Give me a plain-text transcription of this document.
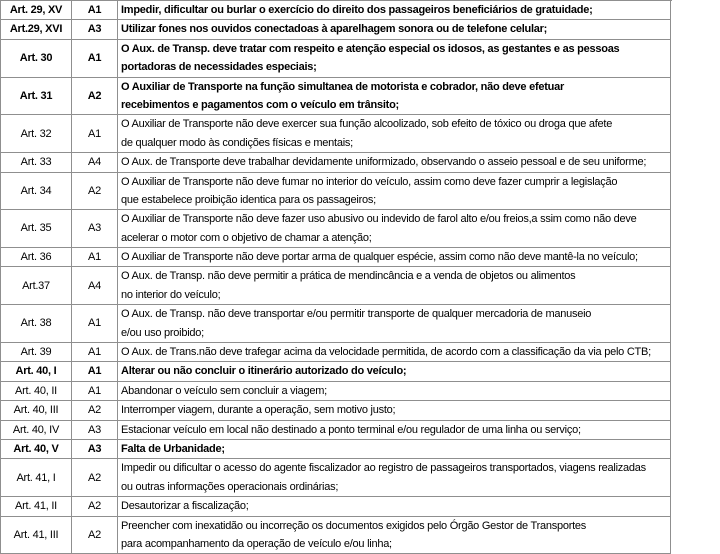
Art. 29, XV A1 Impedir, dificultar ou burlar o exercício do direito dos passageiros beneficiários de gratuidade;
Art.29, XVI A3 Utilizar fones nos ouvidos conectadoas à aparelhagem sonora ou de telefone celular;
Art. 30	A1
O Aux. de Transp. deve tratar com respeito e atenção especial os idosos, as gestantes e as pessoas
portadoras de necessidades especiais;
Art. 31	A2
O Auxiliar de Transporte na função simultanea de motorista e cobrador, não deve efetuar
recebimentos e pagamentos com o veículo em trânsito;
Art. 32	A1
O Auxiliar de Transporte não deve exercer sua função alcoolizado, sob efeito de tóxico ou droga que afete
de qualquer modo às condições físicas e mentais;
Art. 33	A4 O Aux. de Transporte deve trabalhar devidamente uniformizado, observando o asseio pessoal e de seu uniforme;
Art. 34	A2
O Auxiliar de Transporte não deve fumar no interior do veículo, assim como deve fazer cumprir a legislação
que estabelece proibição identica para os passageiros;
Art. 35	A3
O Auxiliar de Transporte não deve fazer uso abusivo ou indevido de farol alto e/ou freios,a ssim como não deve
acelerar o motor com o objetivo de chamar a atenção;
Art. 36	A1 O Auxiliar de Transporte não deve portar arma de qualquer espécie, assim como não deve mantê-la no veículo;
Art.37	A4
O Aux. de Transp. não deve permitir a prática de mendincância e a venda de objetos ou alimentos
no interior do veículo;
Art. 38	A1
O Aux. de Transp. não deve transportar e/ou permitir transporte de qualquer mercadoria de manuseio
e/ou uso proibido;
Art. 39	A1 O Aux. de Trans.não deve trafegar acima da velocidade permitida, de acordo com a classificação da via pelo CTB;
Art. 40, I	A1 Alterar ou não concluir o itinerário autorizado do veículo;
Art. 40, II	A1 Abandonar o veículo sem concluir a viagem;
Art. 40, III	A2 Interromper viagem, durante a operação, sem motivo justo;
Art. 40, IV	A3 Estacionar veículo em local não destinado a ponto terminal e/ou regulador de uma linha ou serviço;
Art. 40, V	A3 Falta de Urbanidade;
Art. 41, I	A2
Impedir ou dificultar o acesso do agente fiscalizador ao registro de passageiros transportados, viagens realizadas
ou outras informações operacionais ordinárias;
Art. 41, II	A2 Desautorizar a fiscalização;
Art. 41, III	A2
Preencher com inexatidão ou incorreção os documentos exigidos pelo Órgão Gestor de Transportes
para acompanhamento da operação de veículo e/ou linha;
